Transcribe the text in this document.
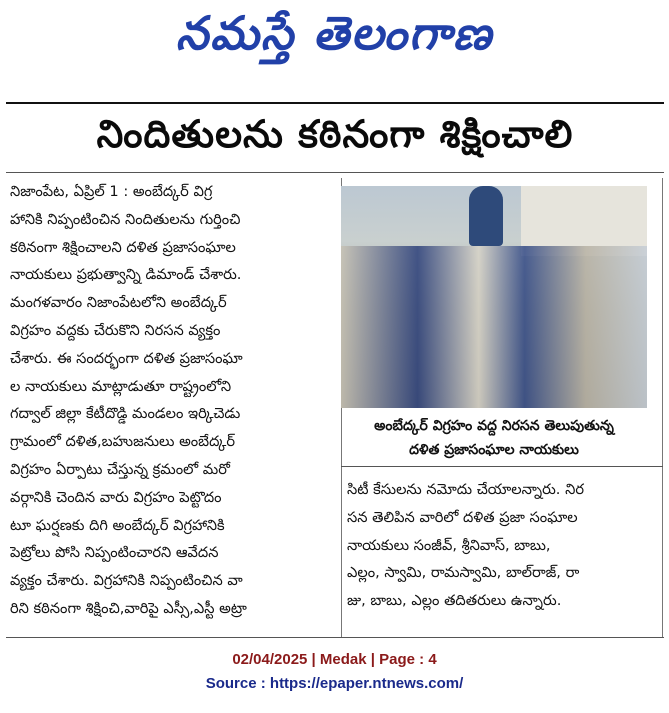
నమస్తే తెలంగాణ
నిందితులను కఠినంగా శిక్షించాలి

నిజాంపేట, ఏప్రిల్ 1 : అంబేద్కర్ విగ్ర

హానికి నిప్పంటించిన నిందితులను గుర్తించి

కఠినంగా శిక్షించాలని దళిత ప్రజాసంఘాల

నాయకులు ప్రభుత్వాన్ని డిమాండ్ చేశారు.

మంగళవారం నిజాంపేటలోని అంబేద్కర్

విగ్రహం వద్దకు చేరుకొని నిరసన వ్యక్తం

చేశారు. ఈ సందర్భంగా దళిత ప్రజాసంఘా

ల నాయకులు మాట్లాడుతూ రాష్ట్రంలోని

గద్వాల్ జిల్లా కేటీదొడ్డి మండలం ఇర్కిచెడు

గ్రామంలో దళిత,బహుజనులు అంబేద్కర్

విగ్రహం ఏర్పాటు చేస్తున్న క్రమంలో మరో

వర్గానికి చెందిన వారు విగ్రహం పెట్టొదం

టూ ఘర్షణకు దిగి అంబేద్కర్ విగ్రహానికి

పెట్రోలు పోసి నిప్పంటించారని ఆవేదన

వ్యక్తం చేశారు. విగ్రహానికి నిప్పంటించిన వా

రిని కఠినంగా శిక్షించి,వారిపై ఎస్సీ,ఎస్టీ అట్రా

అంబేద్కర్ విగ్రహం వద్ద నిరసన తెలుపుతున్న
దళిత ప్రజాసంఘాల నాయకులు

సిటీ కేసులను నమోదు చేయాలన్నారు. నిర

సన తెలిపిన వారిలో దళిత ప్రజా సంఘాల

నాయకులు సంజీవ్, శ్రీనివాస్, బాబు,

ఎల్లం, స్వామి, రామస్వామి, బాల్‌రాజ్, రా

జు, బాబు, ఎల్లం తదితరులు ఉన్నారు.

02/04/2025 | Medak | Page : 4
Source : https://epaper.ntnews.com/
